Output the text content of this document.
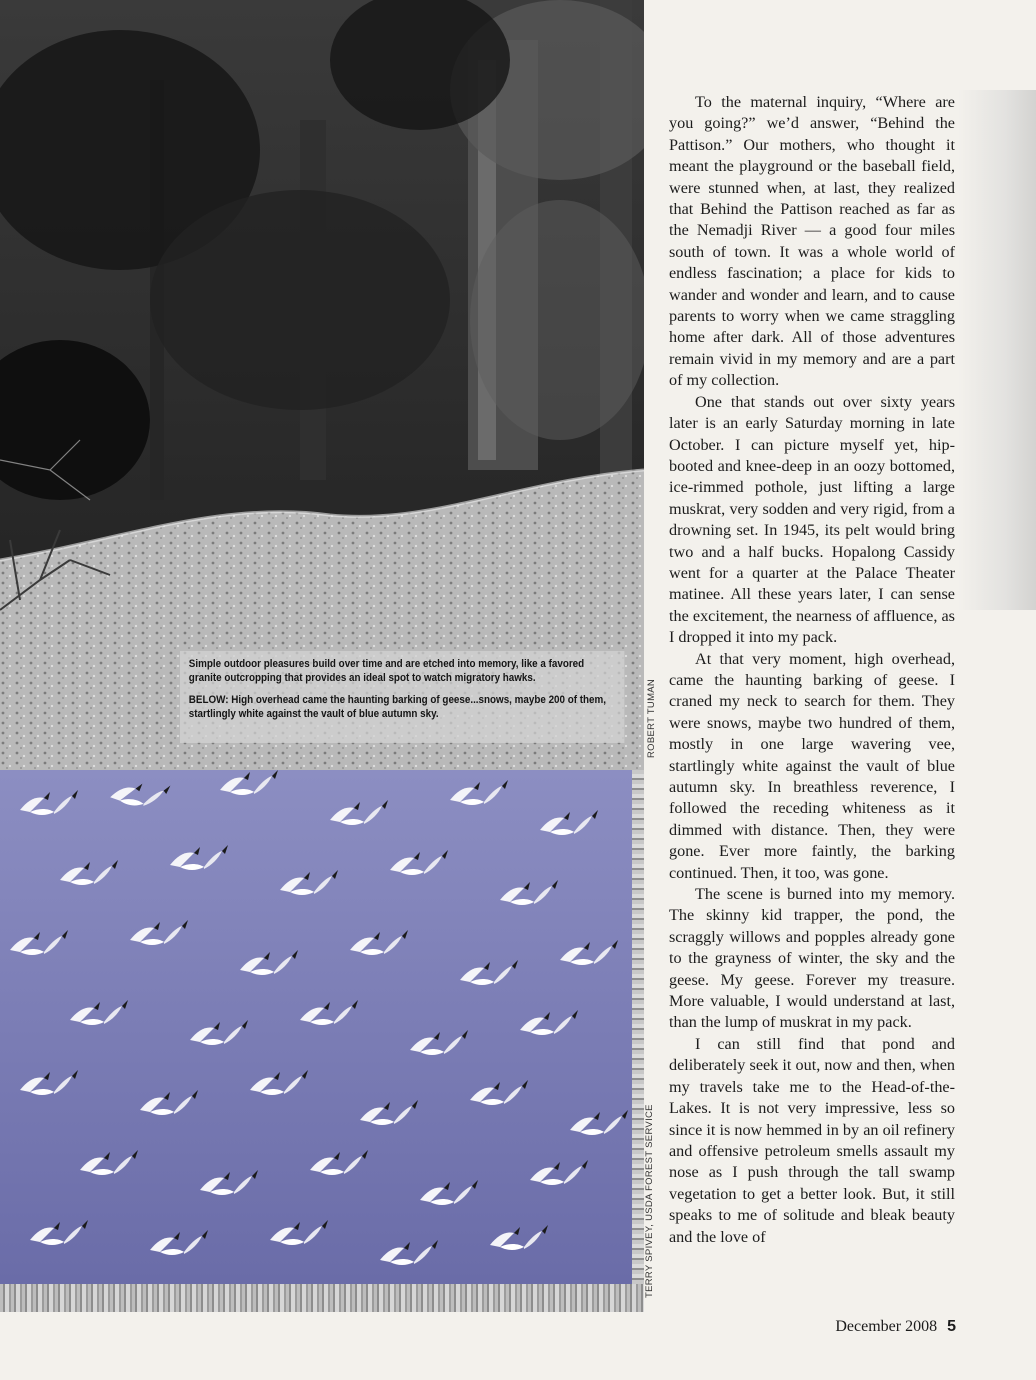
Simple outdoor pleasures build over time and are etched into memory, like a favored granite outcropping that provides an ideal spot to watch migratory hawks.

BELOW: High overhead came the haunting barking of geese...snows, maybe 200 of them, startlingly white against the vault of blue autumn sky.	ROBERT TUMAN
TERRY SPIVEY, USDA FOREST SERVICE

To the maternal inquiry, “Where are you going?” we’d answer, “Behind the Pattison.” Our mothers, who thought it meant the playground or the baseball field, were stunned when, at last, they realized that Behind the Pattison reached as far as the Nemadji River — a good four miles south of town. It was a whole world of endless fascination; a place for kids to wander and wonder and learn, and to cause parents to worry when we came straggling home after dark. All of those adventures remain vivid in my memory and are a part of my collection.

One that stands out over sixty years later is an early Saturday morning in late October. I can picture myself yet, hip-booted and knee-deep in an oozy bottomed, ice-rimmed pothole, just lifting a large muskrat, very sodden and very rigid, from a drowning set. In 1945, its pelt would bring two and a half bucks. Hopalong Cassidy went for a quarter at the Palace Theater matinee. All these years later, I can sense the excitement, the nearness of affluence, as I dropped it into my pack.

At that very moment, high overhead, came the haunting barking of geese. I craned my neck to search for them. They were snows, maybe two hundred of them, mostly in one large wavering vee, startlingly white against the vault of blue autumn sky. In breathless reverence, I followed the receding whiteness as it dimmed with distance. Then, they were gone. Ever more faintly, the barking continued. Then, it too, was gone.

The scene is burned into my memory. The skinny kid trapper, the pond, the scraggly willows and popples already gone to the grayness of winter, the sky and the geese. My geese. Forever my treasure. More valuable, I would understand at last, than the lump of muskrat in my pack.

I can still find that pond and deliberately seek it out, now and then, when my travels take me to the Head-of-the-Lakes. It is not very impressive, less so since it is now hemmed in by an oil refinery and offensive petroleum smells assault my nose as I push through the tall swamp vegetation to get a better look. But, it still speaks to me of solitude and bleak beauty and the love of

December 2008 5
